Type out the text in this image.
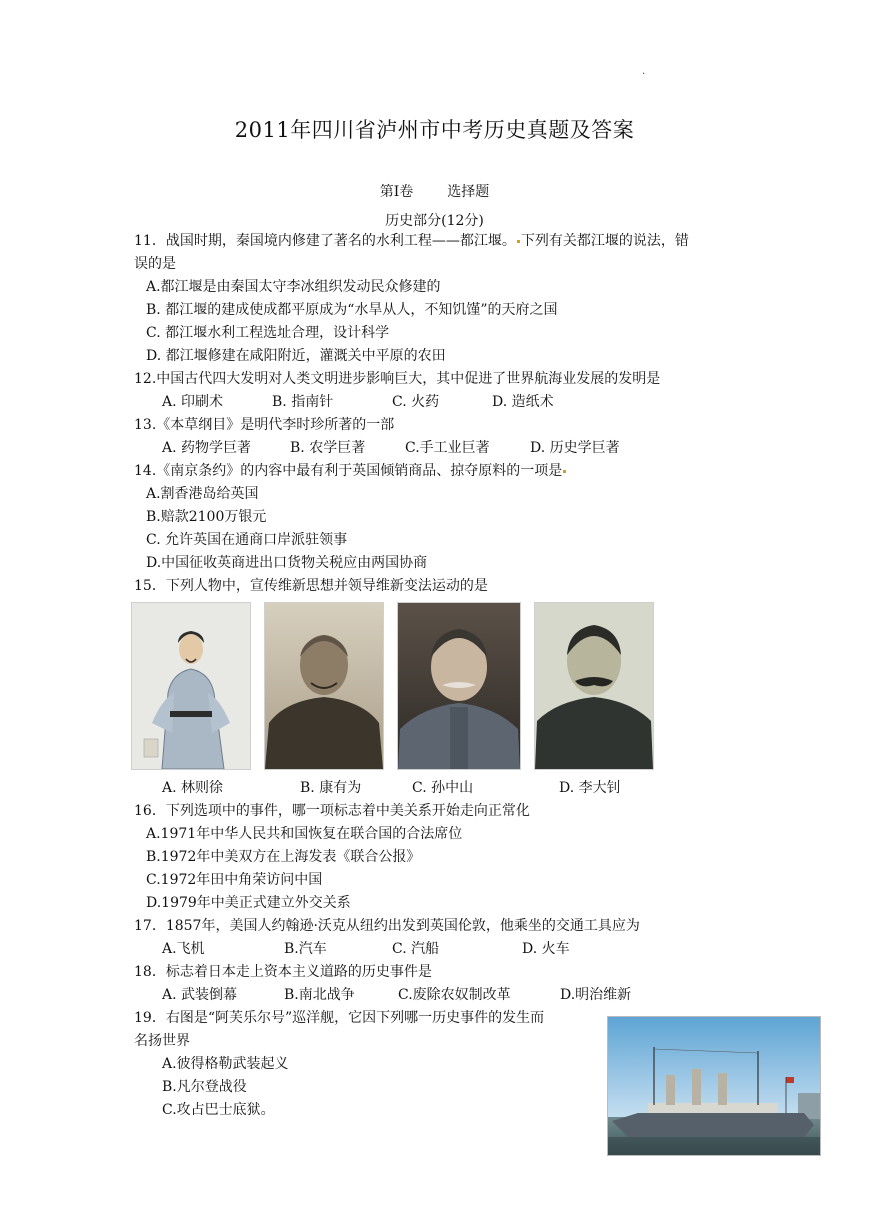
.
2011年四川省泸州市中考历史真题及答案
第Ⅰ卷 选择题
历史部分(12分)
11．战国时期，秦国境内修建了著名的水利工程——都江堰。 下列有关都江堰的说法，错
误的是
A.都江堰是由秦国太守李冰组织发动民众修建的
B. 都江堰的建成使成都平原成为“水旱从人，不知饥馑”的天府之国
C. 都江堰水利工程选址合理，设计科学
D. 都江堰修建在咸阳附近，灌溉关中平原的农田
12.中国古代四大发明对人类文明进步影响巨大，其中促进了世界航海业发展的发明是
A. 印刷术	B. 指南针	C. 火药	D. 造纸术
13.《本草纲目》是明代李时珍所著的一部
A. 药物学巨著	B. 农学巨著	C.手工业巨著	D. 历史学巨著
14.《南京条约》的内容中最有利于英国倾销商品、掠夺原料的一项是
A.割香港岛给英国
B.赔款2100万银元
C. 允许英国在通商口岸派驻领事
D.中国征收英商进出口货物关税应由两国协商
15．下列人物中，宣传维新思想并领导维新变法运动的是
A. 林则徐	B. 康有为	C. 孙中山	D. 李大钊
16．下列选项中的事件，哪一项标志着中美关系开始走向正常化
A.1971年中华人民共和国恢复在联合国的合法席位
B.1972年中美双方在上海发表《联合公报》
C.1972年田中角荣访问中国
D.1979年中美正式建立外交关系
17．1857年，美国人约翰逊·沃克从纽约出发到英国伦敦，他乘坐的交通工具应为
A.飞机	B.汽车	C. 汽船	D. 火车
18．标志着日本走上资本主义道路的历史事件是
A. 武装倒幕	B.南北战争	C.废除农奴制改革	D.明治维新
19．右图是“阿芙乐尔号”巡洋舰，它因下列哪一历史事件的发生而
名扬世界
A.彼得格勒武装起义
B.凡尔登战役
C.攻占巴士底狱。
